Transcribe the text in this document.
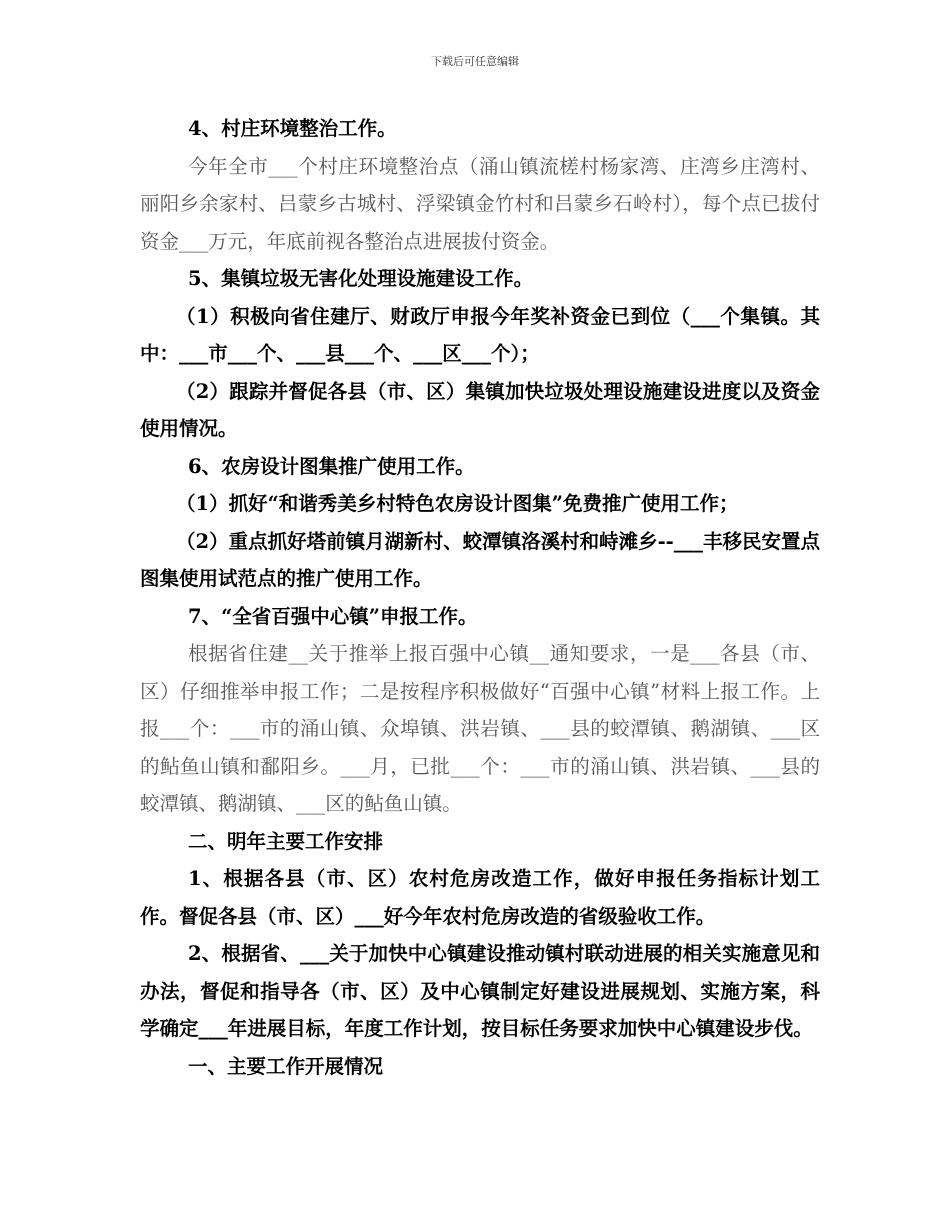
下载后可任意编辑

4、村庄环境整治工作。

今年全市___个村庄环境整治点（涌山镇流槎村杨家湾、庄湾乡庄湾村、丽阳乡余家村、吕蒙乡古城村、浮梁镇金竹村和吕蒙乡石岭村），每个点已拔付资金___万元，年底前视各整治点进展拔付资金。

5、集镇垃圾无害化处理设施建设工作。

（1）积极向省住建厅、财政厅申报今年奖补资金已到位（___个集镇。其中：___市___个、___县___个、___区___个）；

（2）跟踪并督促各县（市、区）集镇加快垃圾处理设施建设进度以及资金使用情况。

6、农房设计图集推广使用工作。

（1）抓好“和谐秀美乡村特色农房设计图集”免费推广使用工作；

（2）重点抓好塔前镇月湖新村、蛟潭镇洛溪村和峙滩乡--___丰移民安置点图集使用试范点的推广使用工作。

7、“全省百强中心镇”申报工作。

根据省住建__关于推举上报百强中心镇__通知要求，一是___各县（市、区）仔细推举申报工作；二是按程序积极做好“百强中心镇”材料上报工作。上报___个：___市的涌山镇、众埠镇、洪岩镇、___县的蛟潭镇、鹅湖镇、___区的鲇鱼山镇和鄱阳乡。___月，已批___个：___市的涌山镇、洪岩镇、___县的蛟潭镇、鹅湖镇、___区的鲇鱼山镇。

二、明年主要工作安排

1、根据各县（市、区）农村危房改造工作，做好申报任务指标计划工作。督促各县（市、区）___好今年农村危房改造的省级验收工作。

2、根据省、___关于加快中心镇建设推动镇村联动进展的相关实施意见和办法，督促和指导各（市、区）及中心镇制定好建设进展规划、实施方案，科学确定___年进展目标，年度工作计划，按目标任务要求加快中心镇建设步伐。

一、主要工作开展情况
